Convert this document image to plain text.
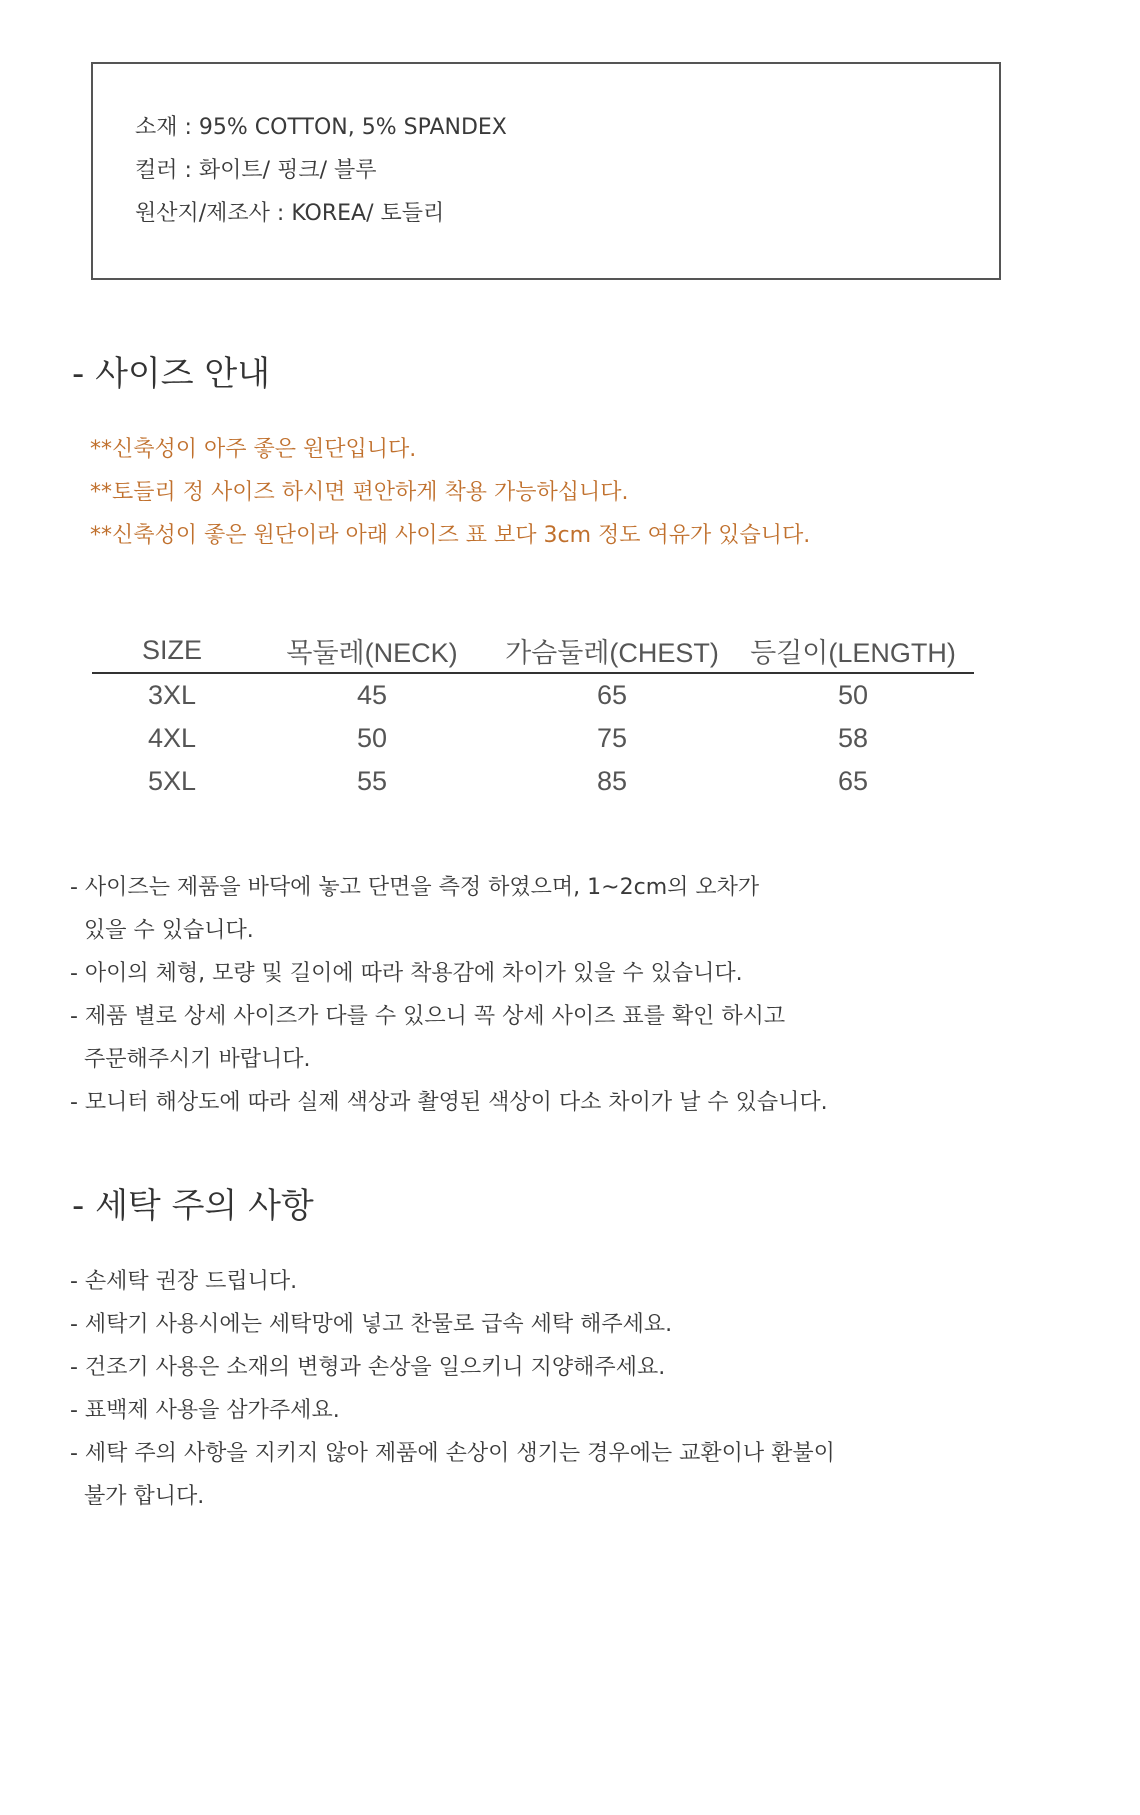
소재 : 95% COTTON, 5% SPANDEX
컬러 : 화이트/ 핑크/ 블루
원산지/제조사 : KOREA/ 토들리
- 사이즈 안내
**신축성이 아주 좋은 원단입니다.
**토들리 정 사이즈 하시면 편안하게 착용 가능하십니다.
**신축성이 좋은 원단이라 아래 사이즈 표 보다 3cm 정도 여유가 있습니다.
SIZE	목둘레(NECK)	가슴둘레(CHEST)	등길이(LENGTH)
3XL	45	65	50
4XL	50	75	58
5XL	55	85	65
- 사이즈는 제품을 바닥에 놓고 단면을 측정 하였으며, 1~2cm의 오차가
있을 수 있습니다.
- 아이의 체형, 모량 및 길이에 따라 착용감에 차이가 있을 수 있습니다.
- 제품 별로 상세 사이즈가 다를 수 있으니 꼭 상세 사이즈 표를 확인 하시고
주문해주시기 바랍니다.
- 모니터 해상도에 따라 실제 색상과 촬영된 색상이 다소 차이가 날 수 있습니다.
- 세탁 주의 사항
- 손세탁 권장 드립니다.
- 세탁기 사용시에는 세탁망에 넣고 찬물로 급속 세탁 해주세요.
- 건조기 사용은 소재의 변형과 손상을 일으키니 지양해주세요.
- 표백제 사용을 삼가주세요.
- 세탁 주의 사항을 지키지 않아 제품에 손상이 생기는 경우에는 교환이나 환불이
불가 합니다.
